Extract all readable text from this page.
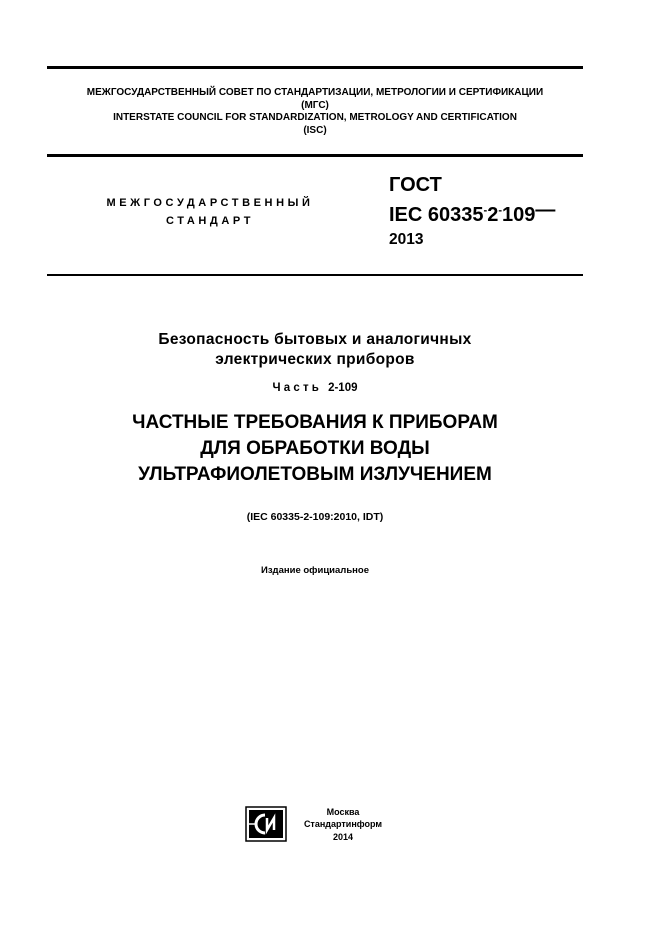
МЕЖГОСУДАРСТВЕННЫЙ СОВЕТ ПО СТАНДАРТИЗАЦИИ, МЕТРОЛОГИИ И СЕРТИФИКАЦИИ
(МГС)
INTERSTATE COUNCIL FOR STANDARDIZATION, METROLOGY AND CERTIFICATION
(ISC)
МЕЖГОСУДАРСТВЕННЫЙ
СТАНДАРТ
ГОСТ
IEC 60335-2-109—
2013
Безопасность бытовых и аналогичных
электрических приборов
Часть 2-109
ЧАСТНЫЕ ТРЕБОВАНИЯ К ПРИБОРАМ
ДЛЯ ОБРАБОТКИ ВОДЫ
УЛЬТРАФИОЛЕТОВЫМ ИЗЛУЧЕНИЕМ
(IEC 60335-2-109:2010, IDT)
Издание официальное
Москва
Стандартинформ
2014
